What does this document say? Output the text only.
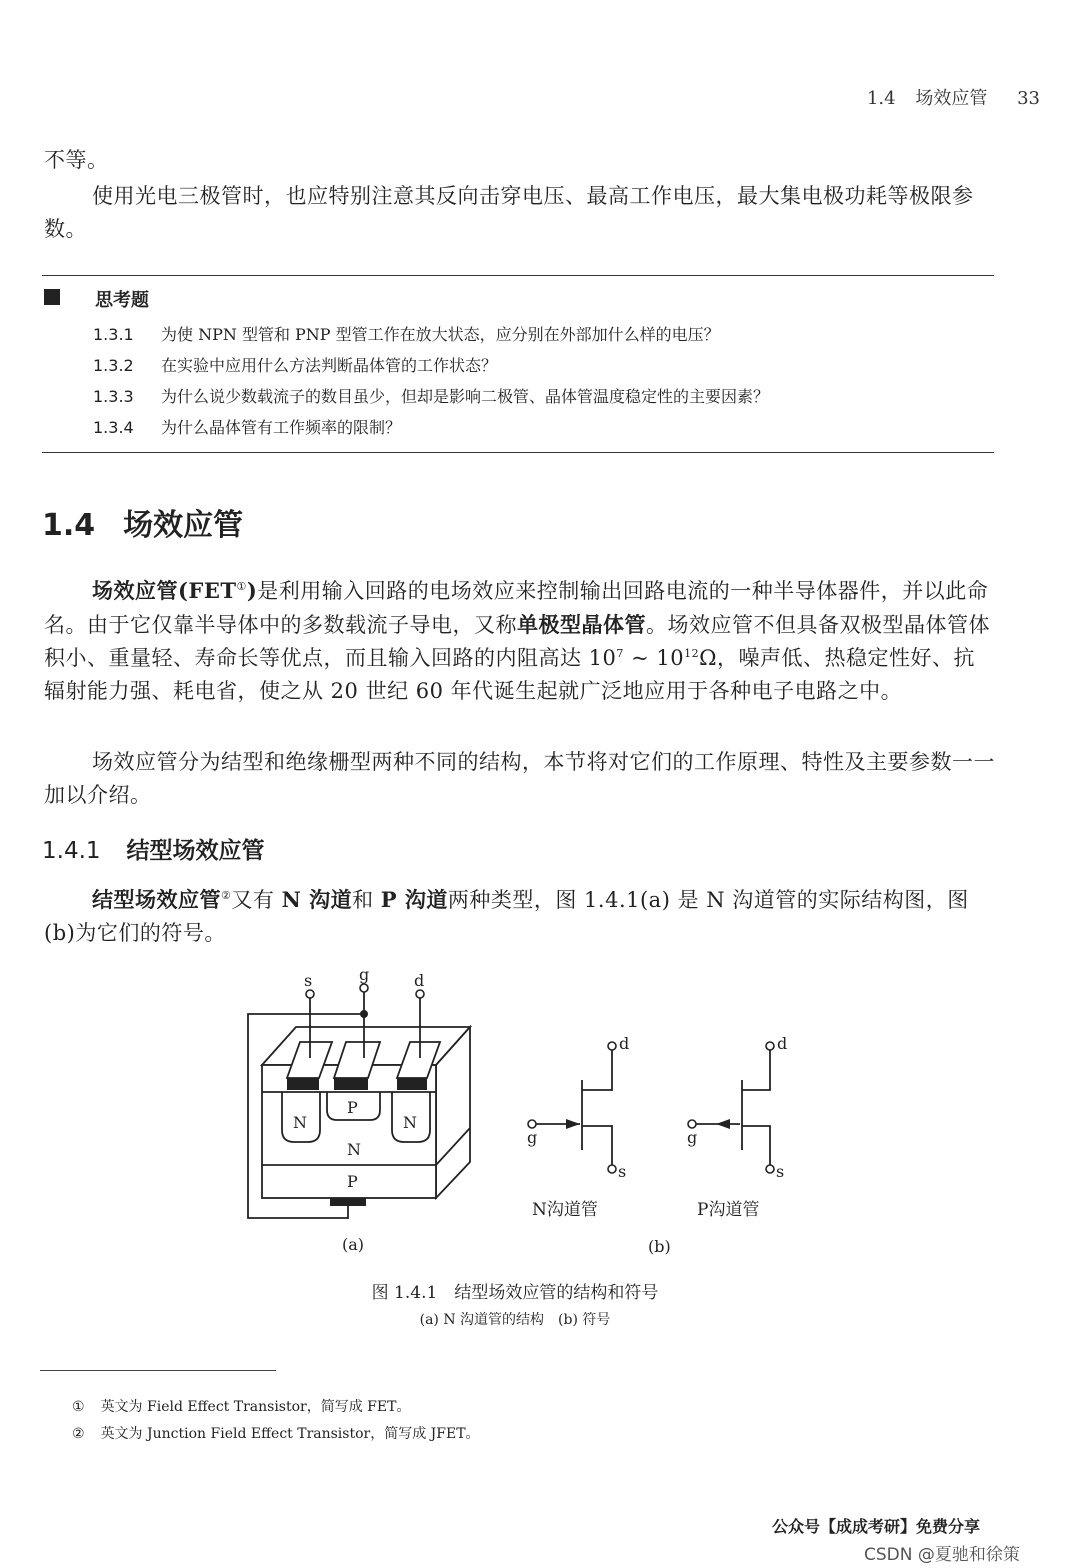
1.4 场效应管 33
不等。
使用光电三极管时，也应特别注意其反向击穿电压、最高工作电压，最大集电极功耗等极限参数。
思考题
1.3.1 为使 NPN 型管和 PNP 型管工作在放大状态，应分别在外部加什么样的电压？
1.3.2 在实验中应用什么方法判断晶体管的工作状态？
1.3.3 为什么说少数载流子的数目虽少，但却是影响二极管、晶体管温度稳定性的主要因素？
1.3.4 为什么晶体管有工作频率的限制？
1.4 场效应管
场效应管(FET①)是利用输入回路的电场效应来控制输出回路电流的一种半导体器件，并以此命名。由于它仅靠半导体中的多数载流子导电，又称单极型晶体管。场效应管不但具备双极型晶体管体积小、重量轻、寿命长等优点，而且输入回路的内阻高达 $10^7$ ~ $10^{12}\Omega$，噪声低、热稳定性好、抗辐射能力强、耗电省，使之从 20 世纪 60 年代诞生起就广泛地应用于各种电子电路之中。
场效应管分为结型和绝缘栅型两种不同的结构，本节将对它们的工作原理、特性及主要参数一一加以介绍。
1.4.1 结型场效应管
结型场效应管②又有 N 沟道和 P 沟道两种类型，图 1.4.1(a) 是 N 沟道管的实际结构图，图(b)为它们的符号。
s	g	d
N	N
P
N
P
d
s
g
d
s
g
N沟道管	P沟道管
(a)	(b)
图 1.4.1　结型场效应管的结构和符号
(a) N 沟道管的结构　(b) 符号
① 英文为 Field Effect Transistor，简写成 FET。
② 英文为 Junction Field Effect Transistor，简写成 JFET。
公众号【成成考研】免费分享
CSDN @夏驰和徐策
